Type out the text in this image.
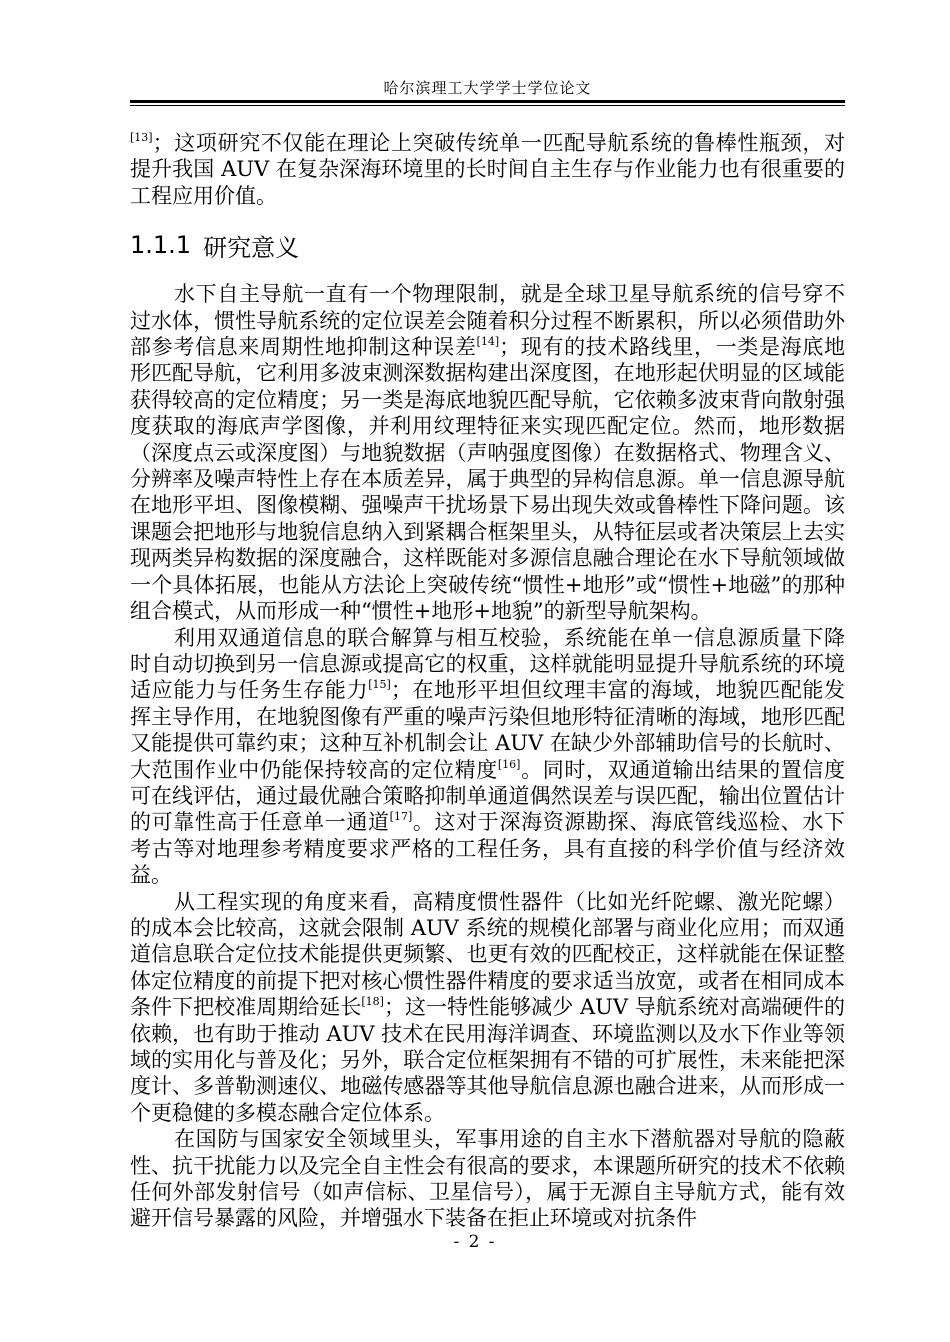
哈尔滨理工大学学士学位论文

[13]；这项研究不仅能在理论上突破传统单一匹配导航系统的鲁棒性瓶颈，对提升我国 AUV 在复杂深海环境里的长时间自主生存与作业能力也有很重要的工程应用价值。

1.1.1 研究意义

水下自主导航一直有一个物理限制，就是全球卫星导航系统的信号穿不过水体，惯性导航系统的定位误差会随着积分过程不断累积，所以必须借助外部参考信息来周期性地抑制这种误差[14]；现有的技术路线里，一类是海底地形匹配导航，它利用多波束测深数据构建出深度图，在地形起伏明显的区域能获得较高的定位精度；另一类是海底地貌匹配导航，它依赖多波束背向散射强度获取的海底声学图像，并利用纹理特征来实现匹配定位。然而，地形数据（深度点云或深度图）与地貌数据（声呐强度图像）在数据格式、物理含义、分辨率及噪声特性上存在本质差异，属于典型的异构信息源。单一信息源导航在地形平坦、图像模糊、强噪声干扰场景下易出现失效或鲁棒性下降问题。该课题会把地形与地貌信息纳入到紧耦合框架里头，从特征层或者决策层上去实现两类异构数据的深度融合，这样既能对多源信息融合理论在水下导航领域做一个具体拓展，也能从方法论上突破传统“惯性+地形”或“惯性+地磁”的那种组合模式，从而形成一种“惯性+地形+地貌”的新型导航架构。

利用双通道信息的联合解算与相互校验，系统能在单一信息源质量下降时自动切换到另一信息源或提高它的权重，这样就能明显提升导航系统的环境适应能力与任务生存能力[15]；在地形平坦但纹理丰富的海域，地貌匹配能发挥主导作用，在地貌图像有严重的噪声污染但地形特征清晰的海域，地形匹配又能提供可靠约束；这种互补机制会让 AUV 在缺少外部辅助信号的长航时、大范围作业中仍能保持较高的定位精度[16]。同时，双通道输出结果的置信度可在线评估，通过最优融合策略抑制单通道偶然误差与误匹配，输出位置估计的可靠性高于任意单一通道[17]。这对于深海资源勘探、海底管线巡检、水下考古等对地理参考精度要求严格的工程任务，具有直接的科学价值与经济效益。

从工程实现的角度来看，高精度惯性器件（比如光纤陀螺、激光陀螺）的成本会比较高，这就会限制 AUV 系统的规模化部署与商业化应用；而双通道信息联合定位技术能提供更频繁、也更有效的匹配校正，这样就能在保证整体定位精度的前提下把对核心惯性器件精度的要求适当放宽，或者在相同成本条件下把校准周期给延长[18]；这一特性能够减少 AUV 导航系统对高端硬件的依赖，也有助于推动 AUV 技术在民用海洋调查、环境监测以及水下作业等领域的实用化与普及化；另外，联合定位框架拥有不错的可扩展性，未来能把深度计、多普勒测速仪、地磁传感器等其他导航信息源也融合进来，从而形成一个更稳健的多模态融合定位体系。

在国防与国家安全领域里头，军事用途的自主水下潜航器对导航的隐蔽性、抗干扰能力以及完全自主性会有很高的要求，本课题所研究的技术不依赖任何外部发射信号（如声信标、卫星信号），属于无源自主导航方式，能有效避开信号暴露的风险，并增强水下装备在拒止环境或对抗条件

- 2 -
